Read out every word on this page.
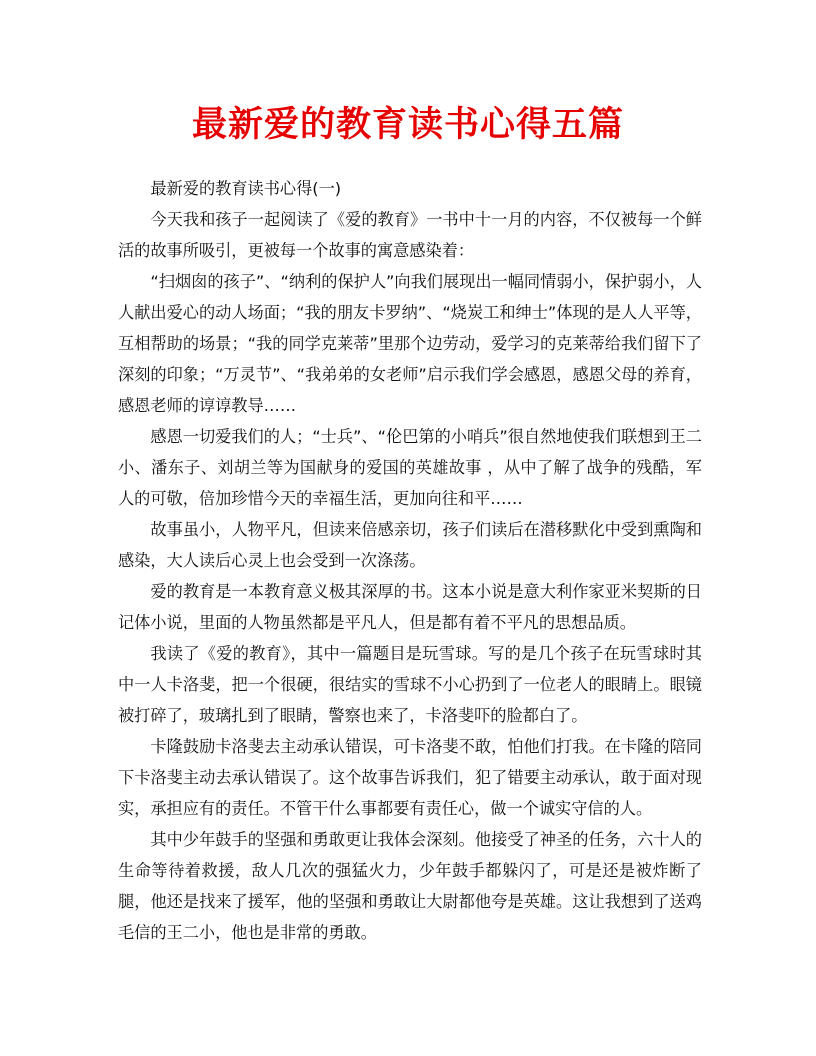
最新爱的教育读书心得五篇

最新爱的教育读书心得(一)

今天我和孩子一起阅读了《爱的教育》一书中十一月的内容，不仅被每一个鲜活的故事所吸引，更被每一个故事的寓意感染着：

“扫烟囱的孩子”、“纳利的保护人”向我们展现出一幅同情弱小，保护弱小，人人献出爱心的动人场面；“我的朋友卡罗纳”、“烧炭工和绅士”体现的是人人平等，互相帮助的场景；“我的同学克莱蒂”里那个边劳动，爱学习的克莱蒂给我们留下了深刻的印象；“万灵节”、“我弟弟的女老师”启示我们学会感恩，感恩父母的养育，感恩老师的谆谆教导……

感恩一切爱我们的人；“士兵”、“伦巴第的小哨兵”很自然地使我们联想到王二小、潘东子、刘胡兰等为国献身的爱国的英雄故事 ，从中了解了战争的残酷，军人的可敬，倍加珍惜今天的幸福生活，更加向往和平……

故事虽小，人物平凡，但读来倍感亲切，孩子们读后在潜移默化中受到熏陶和感染，大人读后心灵上也会受到一次涤荡。

爱的教育是一本教育意义极其深厚的书。这本小说是意大利作家亚米契斯的日记体小说，里面的人物虽然都是平凡人，但是都有着不平凡的思想品质。

我读了《爱的教育》，其中一篇题目是玩雪球。写的是几个孩子在玩雪球时其中一人卡洛斐，把一个很硬，很结实的雪球不小心扔到了一位老人的眼睛上。眼镜被打碎了，玻璃扎到了眼睛，警察也来了，卡洛斐吓的脸都白了。

卡隆鼓励卡洛斐去主动承认错误，可卡洛斐不敢，怕他们打我。在卡隆的陪同下卡洛斐主动去承认错误了。这个故事告诉我们，犯了错要主动承认，敢于面对现实，承担应有的责任。不管干什么事都要有责任心，做一个诚实守信的人。

其中少年鼓手的坚强和勇敢更让我体会深刻。他接受了神圣的任务，六十人的生命等待着救援，敌人几次的强猛火力，少年鼓手都躲闪了，可是还是被炸断了腿，他还是找来了援军，他的坚强和勇敢让大尉都他夸是英雄。这让我想到了送鸡毛信的王二小，他也是非常的勇敢。
